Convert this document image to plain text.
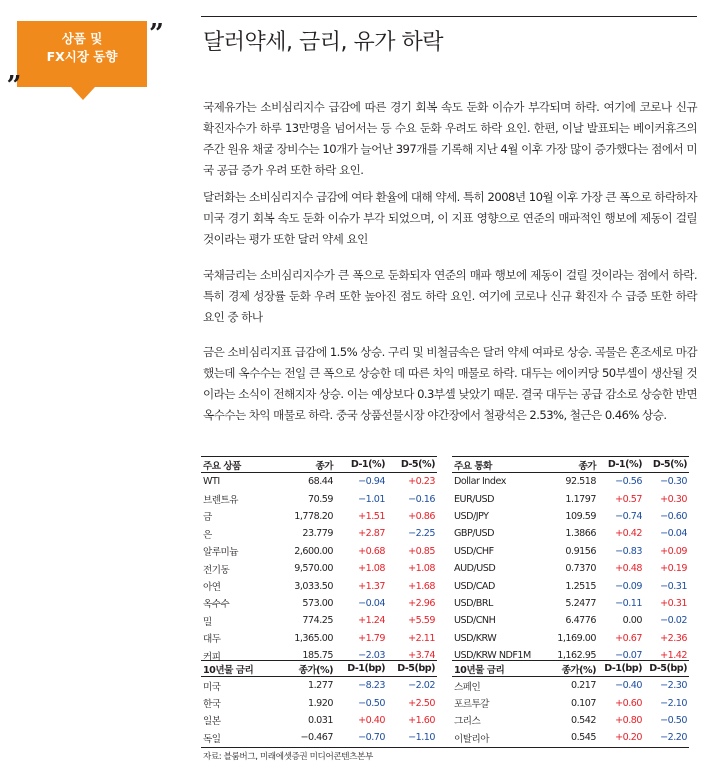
상품 및
FX시장 동향
”
„
달러약세, 금리, 유가 하락

국제유가는 소비심리지수 급감에 따른 경기 회복 속도 둔화 이슈가 부각되며 하락. 여기에 코로나 신규 확진자수가 하루 13만명을 넘어서는 등 수요 둔화 우려도 하락 요인. 한편, 이날 발표되는 베이커휴즈의 주간 원유 채굴 장비수는 10개가 늘어난 397개를 기록해 지난 4월 이후 가장 많이 증가했다는 점에서 미국 공급 증가 우려 또한 하락 요인.

달러화는 소비심리지수 급감에 여타 환율에 대해 약세. 특히 2008년 10월 이후 가장 큰 폭으로 하락하자 미국 경기 회복 속도 둔화 이슈가 부각 되었으며, 이 지표 영향으로 연준의 매파적인 행보에 제동이 걸릴 것이라는 평가 또한 달러 약세 요인

국채금리는 소비심리지수가 큰 폭으로 둔화되자 연준의 매파 행보에 제동이 걸릴 것이라는 점에서 하락. 특히 경제 성장률 둔화 우려 또한 높아진 점도 하락 요인. 여기에 코로나 신규 확진자 수 급증 또한 하락 요인 중 하나

금은 소비심리지표 급감에 1.5% 상승. 구리 및 비철금속은 달러 약세 여파로 상승. 곡물은 혼조세로 마감 했는데 옥수수는 전일 큰 폭으로 상승한 데 따른 차익 매물로 하락. 대두는 에이커당 50부셸이 생산될 것이라는 소식이 전해지자 상승. 이는 예상보다 0.3부셸 낮았기 때문. 결국 대두는 공급 감소로 상승한 반면 옥수수는 차익 매물로 하락. 중국 상품선물시장 야간장에서 철광석은 2.53%, 철근은 0.46% 상승.

주요 상품	종가	D-1(%)	D-5(%)
WTI	68.44	−0.94	+0.23
브렌트유	70.59	−1.01	−0.16
금	1,778.20	+1.51	+0.86
은	23.779	+2.87	−2.25
알루미늄	2,600.00	+0.68	+0.85
전기동	9,570.00	+1.08	+1.08
아연	3,033.50	+1.37	+1.68
옥수수	573.00	−0.04	+2.96
밀	774.25	+1.24	+5.59
대두	1,365.00	+1.79	+2.11
커피	185.75	−2.03	+3.74
주요 통화	종가	D-1(%)	D-5(%)
Dollar Index	92.518	−0.56	−0.30
EUR/USD	1.1797	+0.57	+0.30
USD/JPY	109.59	−0.74	−0.60
GBP/USD	1.3866	+0.42	−0.04
USD/CHF	0.9156	−0.83	+0.09
AUD/USD	0.7370	+0.48	+0.19
USD/CAD	1.2515	−0.09	−0.31
USD/BRL	5.2477	−0.11	+0.31
USD/CNH	6.4776	0.00	−0.02
USD/KRW	1,169.00	+0.67	+2.36
USD/KRW NDF1M	1,162.95	−0.07	+1.42
10년물 금리	종가(%)	D-1(bp)	D-5(bp)
미국	1.277	−8.23	−2.02
한국	1.920	−0.50	+2.50
일본	0.031	+0.40	+1.60
독일	−0.467	−0.70	−1.10
10년물 금리	종가(%)	D-1(bp)	D-5(bp)
스페인	0.217	−0.40	−2.30
포르투갈	0.107	+0.60	−2.10
그리스	0.542	+0.80	−0.50
이탈리아	0.545	+0.20	−2.20
자료: 블룸버그, 미래에셋증권 미디어콘텐츠본부
